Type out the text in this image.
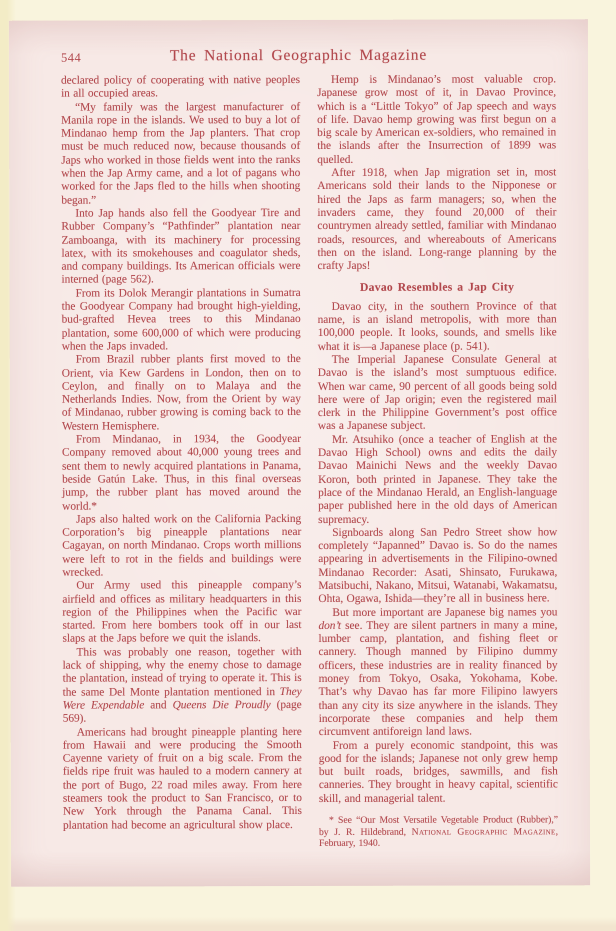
544	The National Geographic Magazine

declared policy of cooperating with native peoples in all occupied areas.

“My family was the largest manufacturer of Manila rope in the islands. We used to buy a lot of Mindanao hemp from the Jap planters. That crop must be much reduced now, because thousands of Japs who worked in those fields went into the ranks when the Jap Army came, and a lot of pagans who worked for the Japs fled to the hills when shooting began.”

Into Jap hands also fell the Goodyear Tire and Rubber Company’s “Pathfinder” plantation near Zamboanga, with its machinery for processing latex, with its smokehouses and coagulator sheds, and company buildings. Its American officials were interned (page 562).

From its Dolok Merangir plantations in Sumatra the Goodyear Company had brought high-yielding, bud-grafted Hevea trees to this Mindanao plantation, some 600,000 of which were producing when the Japs invaded.

From Brazil rubber plants first moved to the Orient, via Kew Gardens in London, then on to Ceylon, and finally on to Malaya and the Netherlands Indies. Now, from the Orient by way of Mindanao, rubber growing is coming back to the Western Hemisphere.

From Mindanao, in 1934, the Goodyear Company removed about 40,000 young trees and sent them to newly acquired plantations in Panama, beside Gatún Lake. Thus, in this final overseas jump, the rubber plant has moved around the world.*

Japs also halted work on the California Packing Corporation’s big pineapple plantations near Cagayan, on north Mindanao. Crops worth millions were left to rot in the fields and buildings were wrecked.

Our Army used this pineapple company’s airfield and offices as military headquarters in this region of the Philippines when the Pacific war started. From here bombers took off in our last slaps at the Japs before we quit the islands.

This was probably one reason, together with lack of shipping, why the enemy chose to damage the plantation, instead of trying to operate it. This is the same Del Monte plantation mentioned in They Were Expendable and Queens Die Proudly (page 569).

Americans had brought pineapple planting here from Hawaii and were producing the Smooth Cayenne variety of fruit on a big scale. From the fields ripe fruit was hauled to a modern cannery at the port of Bugo, 22 road miles away. From here steamers took the product to San Francisco, or to New York through the Panama Canal. This plantation had become an agricultural show place.

Hemp is Mindanao’s most valuable crop. Japanese grow most of it, in Davao Province, which is a “Little Tokyo” of Jap speech and ways of life. Davao hemp growing was first begun on a big scale by American ex-soldiers, who remained in the islands after the Insurrection of 1899 was quelled.

After 1918, when Jap migration set in, most Americans sold their lands to the Nipponese or hired the Japs as farm managers; so, when the invaders came, they found 20,000 of their countrymen already settled, familiar with Mindanao roads, resources, and whereabouts of Americans then on the island. Long-range planning by the crafty Japs!

Davao Resembles a Jap City

Davao city, in the southern Province of that name, is an island metropolis, with more than 100,000 people. It looks, sounds, and smells like what it is—a Japanese place (p. 541).

The Imperial Japanese Consulate General at Davao is the island’s most sumptuous edifice. When war came, 90 percent of all goods being sold here were of Jap origin; even the registered mail clerk in the Philippine Government’s post office was a Japanese subject.

Mr. Atsuhiko (once a teacher of English at the Davao High School) owns and edits the daily Davao Mainichi News and the weekly Davao Koron, both printed in Japanese. They take the place of the Mindanao Herald, an English-language paper published here in the old days of American supremacy.

Signboards along San Pedro Street show how completely “Japanned” Davao is. So do the names appearing in advertisements in the Filipino-owned Mindanao Recorder: Asati, Shinsato, Furukawa, Matsibuchi, Nakano, Mitsui, Watanabi, Wakamatsu, Ohta, Ogawa, Ishida—they’re all in business here.

But more important are Japanese big names you don’t see. They are silent partners in many a mine, lumber camp, plantation, and fishing fleet or cannery. Though manned by Filipino dummy officers, these industries are in reality financed by money from Tokyo, Osaka, Yokohama, Kobe. That’s why Davao has far more Filipino lawyers than any city its size anywhere in the islands. They incorporate these companies and help them circumvent antiforeign land laws.

From a purely economic standpoint, this was good for the islands; Japanese not only grew hemp but built roads, bridges, sawmills, and fish canneries. They brought in heavy capital, scientific skill, and managerial talent.

* See “Our Most Versatile Vegetable Product (Rubber),” by J. R. Hildebrand, National Geographic Magazine, February, 1940.
